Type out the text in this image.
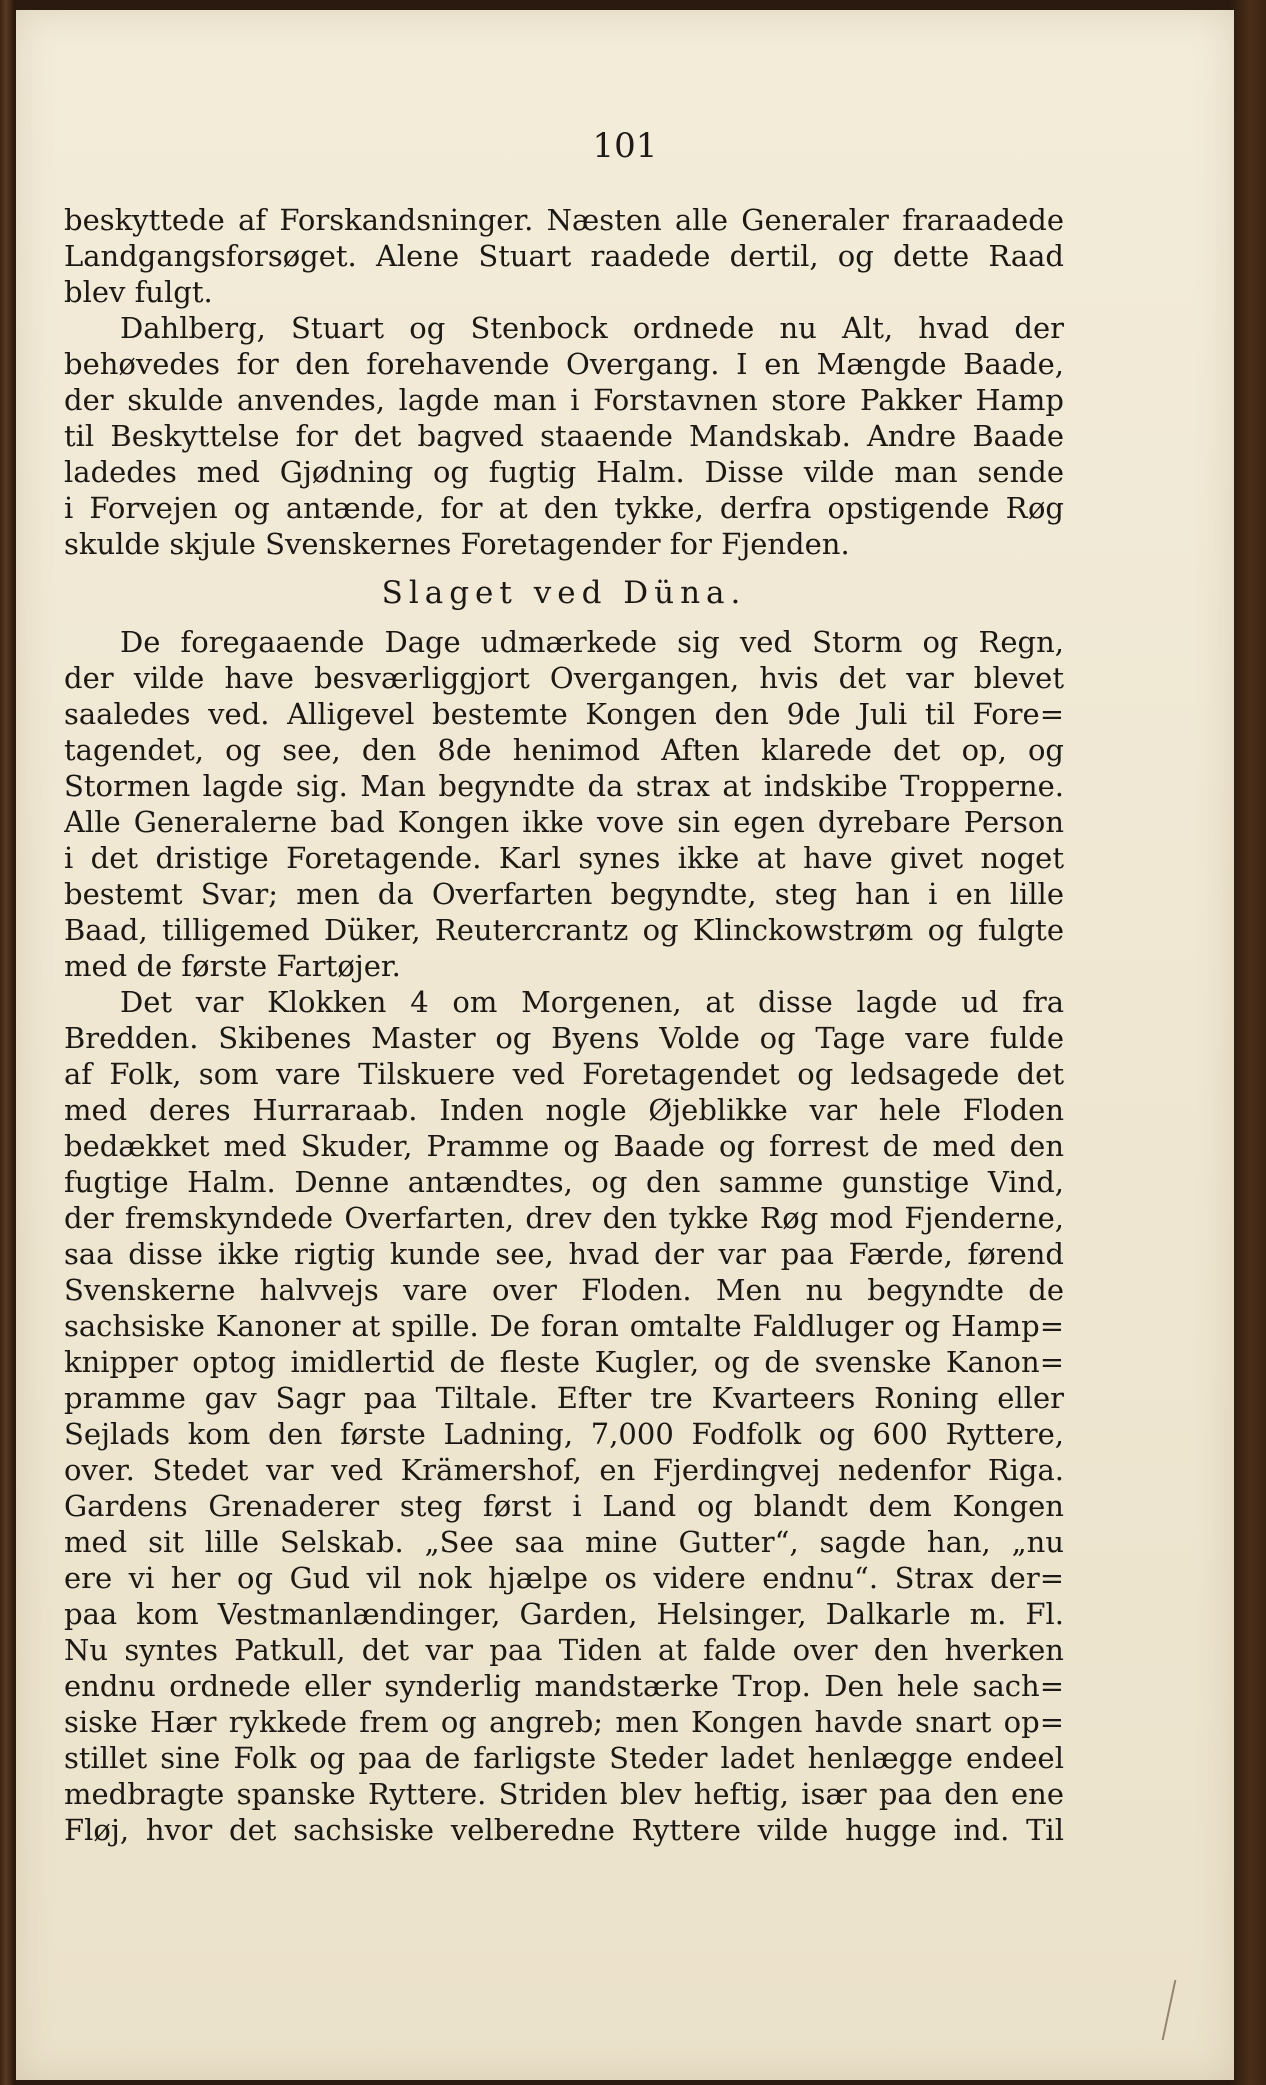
101
beskyttede af Forskandsninger. Næsten alle Generaler fraraadede
Landgangsforsøget. Alene Stuart raadede dertil, og dette Raad
blev fulgt.
Dahlberg, Stuart og Stenbock ordnede nu Alt, hvad der
behøvedes for den forehavende Overgang. I en Mængde Baade,
der skulde anvendes, lagde man i Forstavnen store Pakker Hamp
til Beskyttelse for det bagved staaende Mandskab. Andre Baade
ladedes med Gjødning og fugtig Halm. Disse vilde man sende
i Forvejen og antænde, for at den tykke, derfra opstigende Røg
skulde skjule Svenskernes Foretagender for Fjenden.
Slaget ved Düna.
De foregaaende Dage udmærkede sig ved Storm og Regn,
der vilde have besværliggjort Overgangen, hvis det var blevet
saaledes ved. Alligevel bestemte Kongen den 9de Juli til Fore=
tagendet, og see, den 8de henimod Aften klarede det op, og
Stormen lagde sig. Man begyndte da strax at indskibe Tropperne.
Alle Generalerne bad Kongen ikke vove sin egen dyrebare Person
i det dristige Foretagende. Karl synes ikke at have givet noget
bestemt Svar; men da Overfarten begyndte, steg han i en lille
Baad, tilligemed Düker, Reutercrantz og Klinckowstrøm og fulgte
med de første Fartøjer.
Det var Klokken 4 om Morgenen, at disse lagde ud fra
Bredden. Skibenes Master og Byens Volde og Tage vare fulde
af Folk, som vare Tilskuere ved Foretagendet og ledsagede det
med deres Hurraraab. Inden nogle Øjeblikke var hele Floden
bedækket med Skuder, Pramme og Baade og forrest de med den
fugtige Halm. Denne antændtes, og den samme gunstige Vind,
der fremskyndede Overfarten, drev den tykke Røg mod Fjenderne,
saa disse ikke rigtig kunde see, hvad der var paa Færde, førend
Svenskerne halvvejs vare over Floden. Men nu begyndte de
sachsiske Kanoner at spille. De foran omtalte Faldluger og Hamp=
knipper optog imidlertid de fleste Kugler, og de svenske Kanon=
pramme gav Sagr paa Tiltale. Efter tre Kvarteers Roning eller
Sejlads kom den første Ladning, 7,000 Fodfolk og 600 Ryttere,
over. Stedet var ved Krämershof, en Fjerdingvej nedenfor Riga.
Gardens Grenaderer steg først i Land og blandt dem Kongen
med sit lille Selskab. „See saa mine Gutter“, sagde han, „nu
ere vi her og Gud vil nok hjælpe os videre endnu“. Strax der=
paa kom Vestmanlændinger, Garden, Helsinger, Dalkarle m. Fl.
Nu syntes Patkull, det var paa Tiden at falde over den hverken
endnu ordnede eller synderlig mandstærke Trop. Den hele sach=
siske Hær rykkede frem og angreb; men Kongen havde snart op=
stillet sine Folk og paa de farligste Steder ladet henlægge endeel
medbragte spanske Ryttere. Striden blev heftig, især paa den ene
Fløj, hvor det sachsiske velberedne Ryttere vilde hugge ind. Til
